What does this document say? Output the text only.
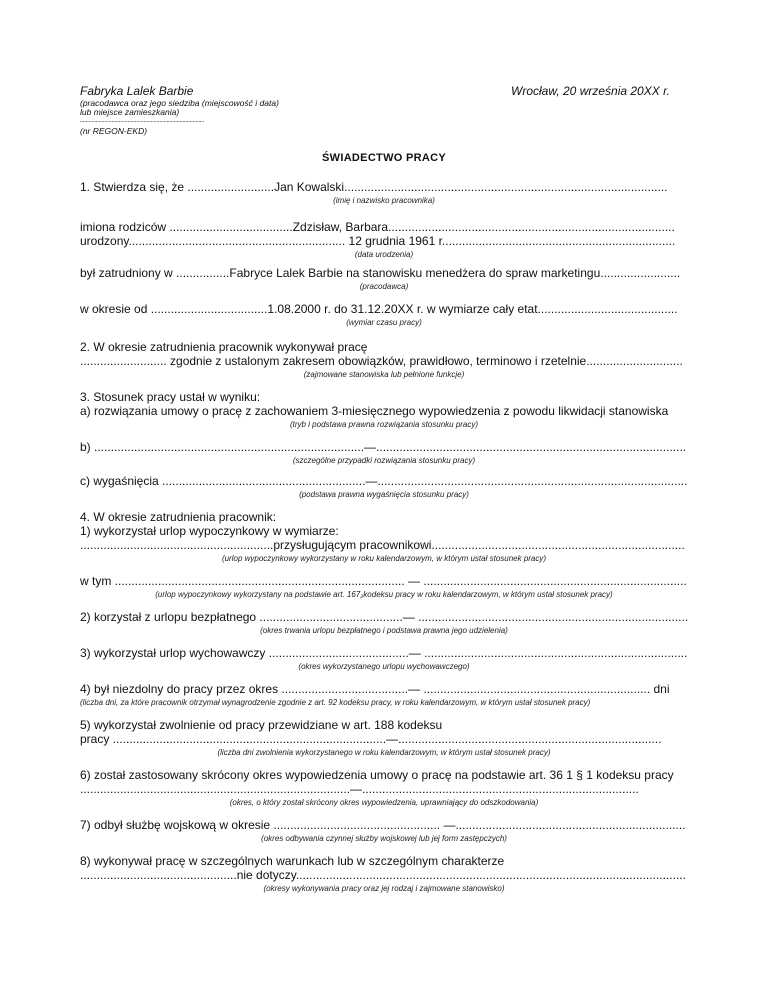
Fabryka Lalek Barbie	Wrocław, 20 września 20XX r.
(pracodawca oraz jego siedziba (miejscowość i data)
lub miejsce zamieszkania)
......................................................................................
(nr REGON-EKD)
ŚWIADECTWO PRACY
1. Stwierdza się, że ..........................Jan Kowalski.................................................................................................
(imię i nazwisko pracownika)
imiona rodziców .....................................Zdzisław, Barbara......................................................................................
urodzony................................................................. 12 grudnia 1961 r......................................................................
(data urodzenia)
był zatrudniony w ................Fabryce Lalek Barbie na stanowisku menedżera do spraw marketingu........................
(pracodawca)
w okresie od ...................................1.08.2000 r. do 31.12.20XX r. w wymiarze cały etat..........................................
(wymiar czasu pracy)
2. W okresie zatrudnienia pracownik wykonywał pracę
.......................... zgodnie z ustalonym zakresem obowiązków, prawidłowo, terminowo i rzetelnie.............................
(zajmowane stanowiska lub pełnione funkcje)
3. Stosunek pracy ustał w wyniku:
a) rozwiązania umowy o pracę z zachowaniem 3-miesięcznego wypowiedzenia z powodu likwidacji stanowiska
(tryb i podstawa prawna rozwiązania stosunku pracy)
b) .................................................................................—.............................................................................................
(szczególne przypadki rozwiązania stosunku pracy)
c) wygaśnięcia .............................................................—.............................................................................................
(podstawa prawna wygaśnięcia stosunku pracy)
4. W okresie zatrudnienia pracownik:
1) wykorzystał urlop wypoczynkowy w wymiarze:
..........................................................przysługującym pracownikowi............................................................................
(urlop wypoczynkowy wykorzystany w roku kalendarzowym, w którym ustał stosunek pracy)
w tym ....................................................................................... — ...............................................................................
(urlop wypoczynkowy wykorzystany na podstawie art. 167₂kodeksu pracy w roku kalendarzowym, w którym ustał stosunek pracy)
2) korzystał z urlopu bezpłatnego ...........................................— .................................................................................
(okres trwania urlopu bezpłatnego i podstawa prawna jego udzielenia)
3) wykorzystał urlop wychowawczy ..........................................— ...............................................................................
(okres wykorzystanego urlopu wychowawczego)
4) był niezdolny do pracy przez okres ......................................— .................................................................... dni
(liczba dni, za które pracownik otrzymał wynagrodzenie zgodnie z art. 92 kodeksu pracy, w roku kalendarzowym, w którym ustał stosunek pracy)
5) wykorzystał zwolnienie od pracy przewidziane w art. 188 kodeksu
pracy ..................................................................................—...............................................................................
(liczba dni zwolnienia wykorzystanego w roku kalendarzowym, w którym ustał stosunek pracy)
6) został zastosowany skrócony okres wypowiedzenia umowy o pracę na podstawie art. 36 1 § 1 kodeksu pracy
.................................................................................—...................................................................................
(okres, o który został skrócony okres wypowiedzenia, uprawniający do odszkodowania)
7) odbył służbę wojskową w okresie .................................................. —.....................................................................
(okres odbywania czynnej służby wojskowej lub jej form zastępczych)
8) wykonywał pracę w szczególnych warunkach lub w szczególnym charakterze
...............................................nie dotyczy.....................................................................................................................
(okresy wykonywania pracy oraz jej rodzaj i zajmowane stanowisko)
